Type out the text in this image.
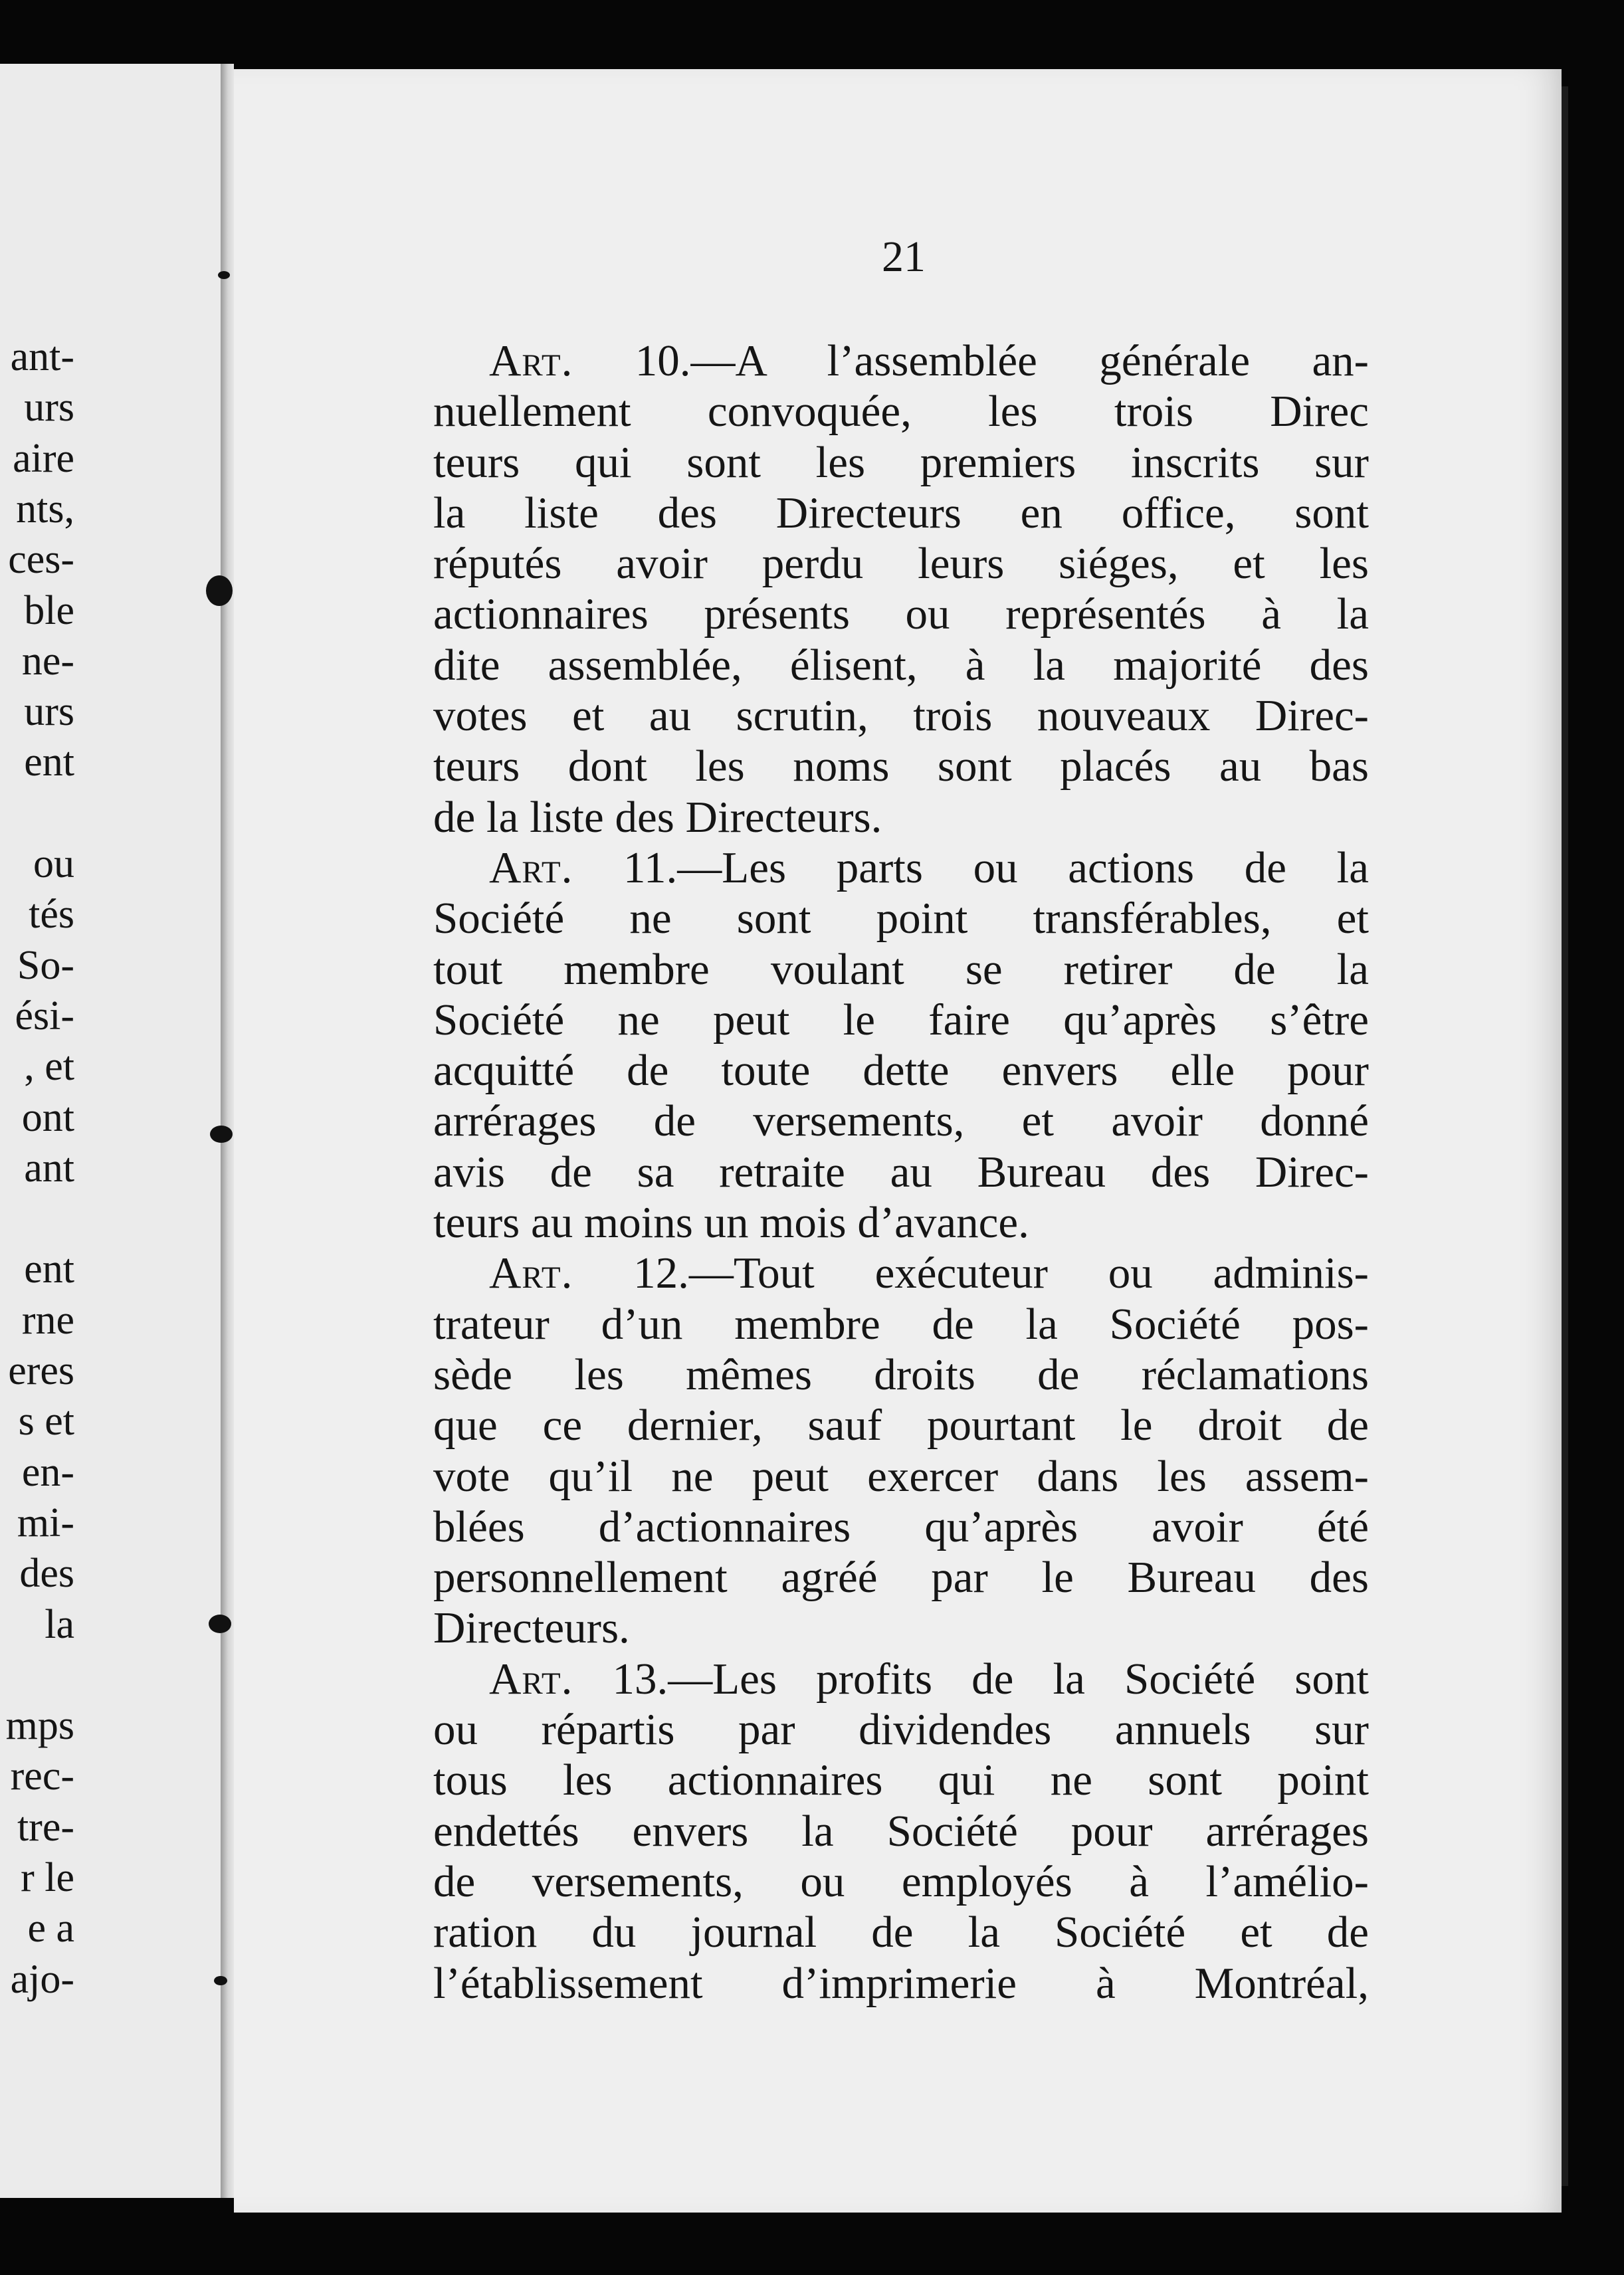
ant-
urs
aire
nts,
ces-
ble
ne-
urs
ent
ou
tés
So-
ési-
, et
ont
ant
ent
rne
eres
s et
en-
mi-
des
la
mps
rec-
tre-
r le
e a
ajo-
21
Art. 10.—A l’assemblée générale an-
nuellement convoquée, les trois Direc
teurs qui sont les premiers inscrits sur
la liste des Directeurs en office, sont
réputés avoir perdu leurs siéges, et les
actionnaires présents ou représentés à la
dite assemblée, élisent, à la majorité des
votes et au scrutin, trois nouveaux Direc-
teurs dont les noms sont placés au bas
de la liste des Directeurs.
Art. 11.—Les parts ou actions de la
Société ne sont point transférables, et
tout membre voulant se retirer de la
Société ne peut le faire qu’après s’être
acquitté de toute dette envers elle pour
arrérages de versements, et avoir donné
avis de sa retraite au Bureau des Direc-
teurs au moins un mois d’avance.
Art. 12.—Tout exécuteur ou adminis-
trateur d’un membre de la Société pos-
sède les mêmes droits de réclamations
que ce dernier, sauf pourtant le droit de
vote qu’il ne peut exercer dans les assem-
blées d’actionnaires qu’après avoir été
personnellement agréé par le Bureau des
Directeurs.
Art. 13.—Les profits de la Société sont
ou répartis par dividendes annuels sur
tous les actionnaires qui ne sont point
endettés envers la Société pour arrérages
de versements, ou employés à l’amélio-
ration du journal de la Société et de
l’établissement d’imprimerie à Montréal,
